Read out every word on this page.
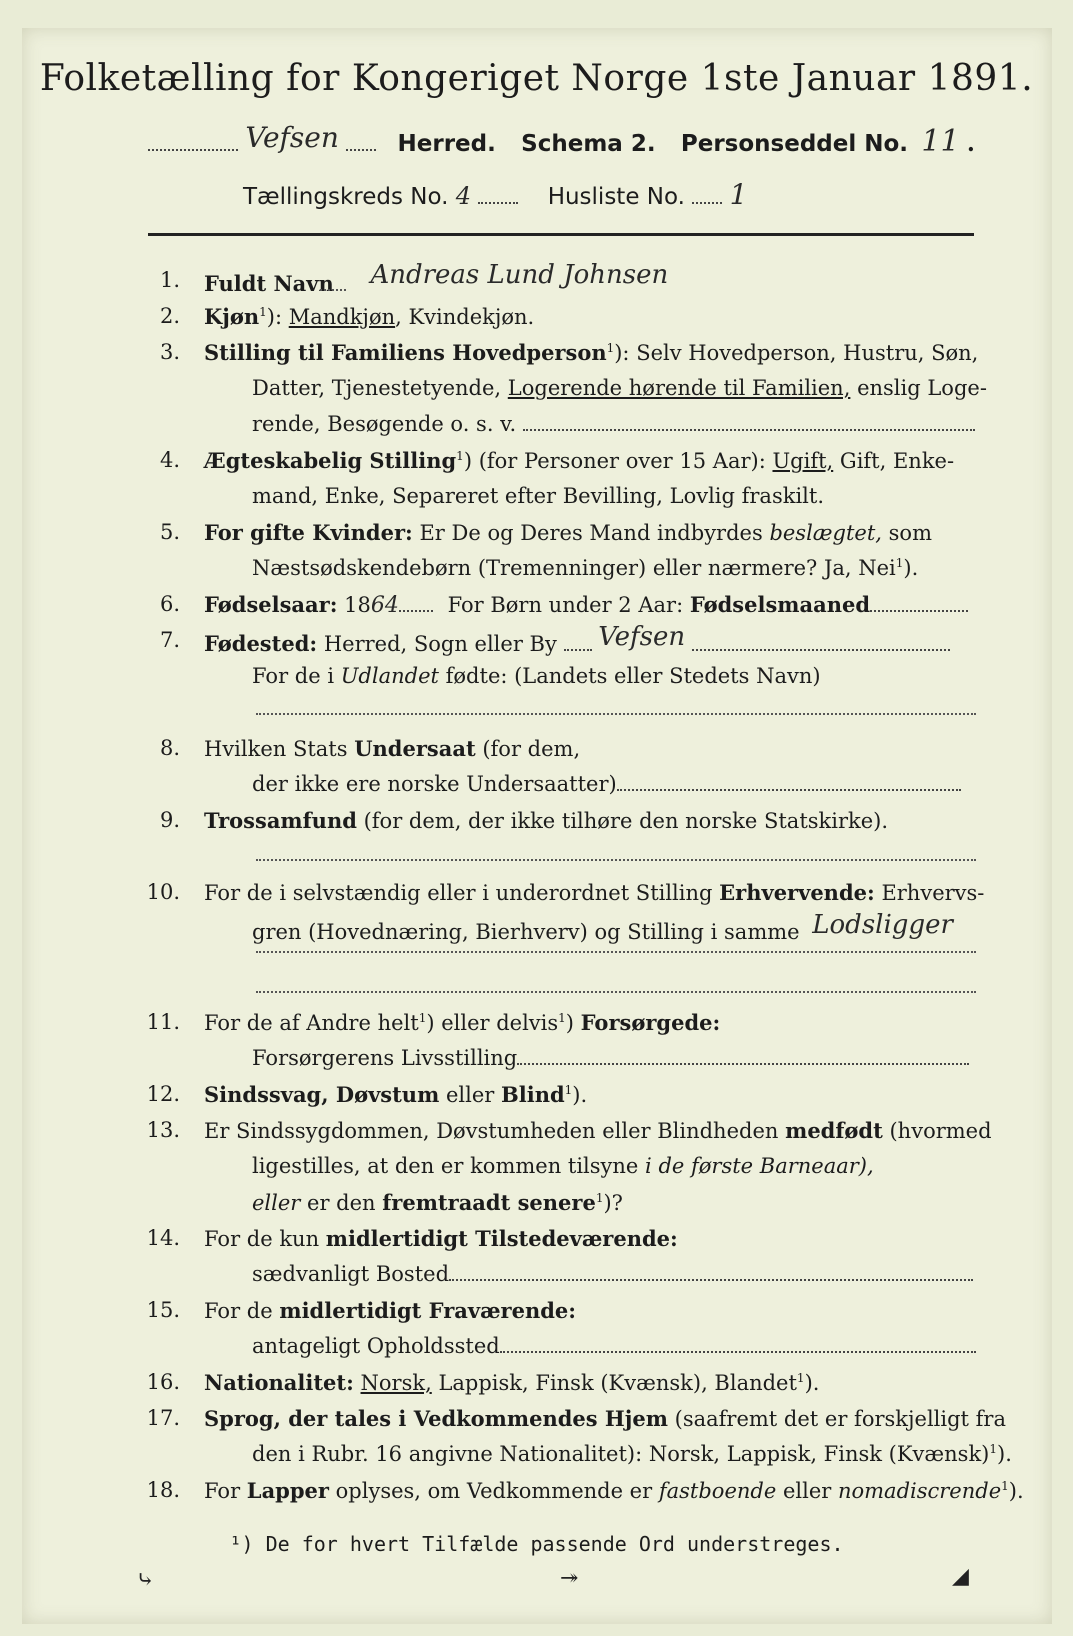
Folketælling for Kongeriget Norge 1ste Januar 1891.
Vefsen	Herred. Schema 2. Personseddel No. 11 .
Tællingskreds No. 4	Husliste No. 1
1. Fuldt Navn Andreas Lund Johnsen
2. Kjøn$^1$): Mandkjøn, Kvindekjøn.
3. Stilling til Familiens Hovedperson$^1$): Selv Hovedperson, Hustru, Søn,
Datter, Tjenestetyende, Logerende hørende til Familien, enslig Loge-
rende, Besøgende o. s. v.
4. Ægteskabelig Stilling$^1$) (for Personer over 15 Aar): Ugift, Gift, Enke-
mand, Enke, Separeret efter Bevilling, Lovlig fraskilt.
5. For gifte Kvinder: Er De og Deres Mand indbyrdes beslægtet, som
Næstsødskendebørn (Tremenninger) eller nærmere? Ja, Nei$^1$).
6. Fødselsaar: 1864 For Børn under 2 Aar: Fødselsmaaned
7. Fødested: Herred, Sogn eller By Vefsen
For de i Udlandet fødte: (Landets eller Stedets Navn)
8. Hvilken Stats Undersaat (for dem,
der ikke ere norske Undersaatter)
9. Trossamfund (for dem, der ikke tilhøre den norske Statskirke).
10. For de i selvstændig eller i underordnet Stilling Erhvervende: Erhvervs-
gren (Hovednæring, Bierhverv) og Stilling i samme Lodsligger
11. For de af Andre helt$^1$) eller delvis$^1$) Forsørgede:
Forsørgerens Livsstilling
12. Sindssvag, Døvstum eller Blind$^1$).
13. Er Sindssygdommen, Døvstumheden eller Blindheden medfødt (hvormed
ligestilles, at den er kommen tilsyne i de første Barneaar),
eller er den fremtraadt senere$^1$)?
14. For de kun midlertidigt Tilstedeværende:
sædvanligt Bosted
15. For de midlertidigt Fraværende:
antageligt Opholdssted
16. Nationalitet: Norsk, Lappisk, Finsk (Kvænsk), Blandet$^1$).
17. Sprog, der tales i Vedkommendes Hjem (saafremt det er forskjelligt fra
den i Rubr. 16 angivne Nationalitet): Norsk, Lappisk, Finsk (Kvænsk)$^1$).
18. For Lapper oplyses, om Vedkommende er fastboende eller nomadiscrende$^1$).
¹) De for hvert Tilfælde passende Ord understreges.
⤷	↠	◢
